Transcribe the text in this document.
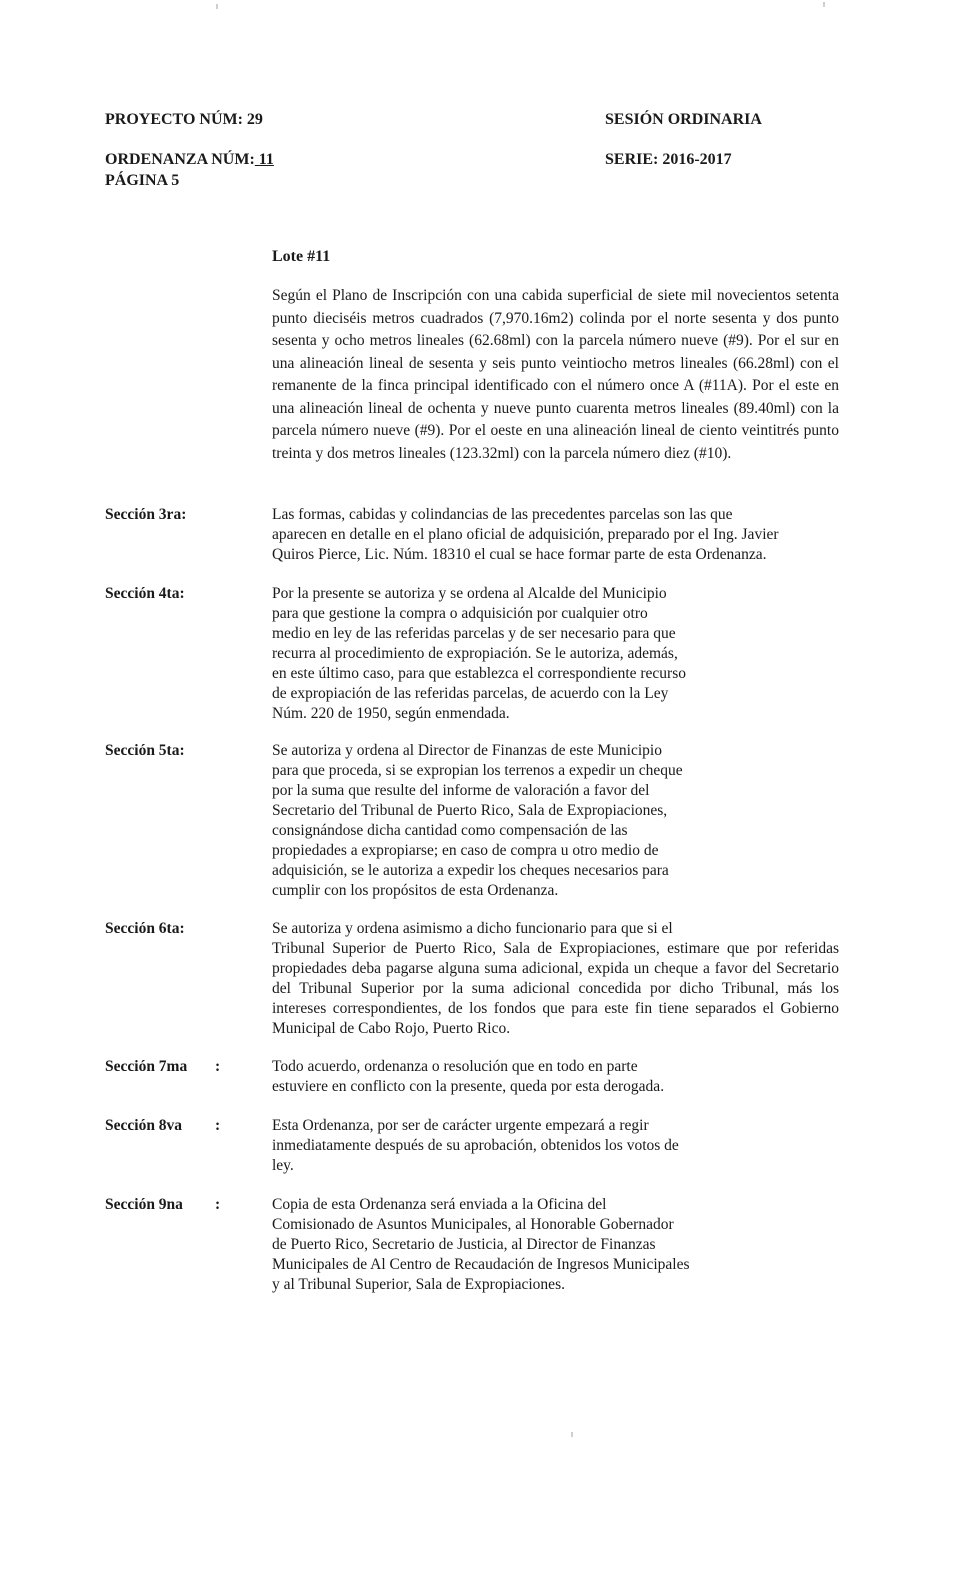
PROYECTO NÚM: 29	SESIÓN ORDINARIA
ORDENANZA NÚM: 11	SERIE: 2016-2017
PÁGINA 5
Lote #11
Según el Plano de Inscripción con una cabida superficial de siete mil novecientos setenta punto dieciséis metros cuadrados (7,970.16m2) colinda por el norte sesenta y dos punto sesenta y ocho metros lineales (62.68ml) con la parcela número nueve (#9). Por el sur en una alineación lineal de sesenta y seis punto veintiocho metros lineales (66.28ml) con el remanente de la finca principal identificado con el número once A (#11A). Por el este en una alineación lineal de ochenta y nueve punto cuarenta metros lineales (89.40ml) con la parcela número nueve (#9). Por el oeste en una alineación lineal de ciento veintitrés punto treinta y dos metros lineales (123.32ml) con la parcela número diez (#10).
Sección 3ra:	Las formas, cabidas y colindancias de las precedentes parcelas son las que
aparecen en detalle en el plano oficial de adquisición, preparado por el Ing. Javier
Quiros Pierce, Lic. Núm. 18310 el cual se hace formar parte de esta Ordenanza.
Sección 4ta:	Por la presente se autoriza y se ordena al Alcalde del Municipio
para que gestione la compra o adquisición por cualquier otro
medio en ley de las referidas parcelas y de ser necesario para que
recurra al procedimiento de expropiación. Se le autoriza, además,
en este último caso, para que establezca el correspondiente recurso
de expropiación de las referidas parcelas, de acuerdo con la Ley
Núm. 220 de 1950, según enmendada.
Sección 5ta:	Se autoriza y ordena al Director de Finanzas de este Municipio
para que proceda, si se expropian los terrenos a expedir un cheque
por la suma que resulte del informe de valoración a favor del
Secretario del Tribunal de Puerto Rico, Sala de Expropiaciones,
consignándose dicha cantidad como compensación de las
propiedades a expropiarse; en caso de compra u otro medio de
adquisición, se le autoriza a expedir los cheques necesarios para
cumplir con los propósitos de esta Ordenanza.
Sección 6ta:	Se autoriza y ordena asimismo a dicho funcionario para que si el

Tribunal Superior de Puerto Rico, Sala de Expropiaciones, estimare que por referidas propiedades deba pagarse alguna suma adicional, expida un cheque a favor del Secretario del Tribunal Superior por la suma adicional concedida por dicho Tribunal, más los intereses correspondientes, de los fondos que para este fin tiene separados el Gobierno Municipal de Cabo Rojo, Puerto Rico.

Sección 7ma :	Todo acuerdo, ordenanza o resolución que en todo en parte
estuviere en conflicto con la presente, queda por esta derogada.
Sección 8va :	Esta Ordenanza, por ser de carácter urgente empezará a regir
inmediatamente después de su aprobación, obtenidos los votos de
ley.
Sección 9na :	Copia de esta Ordenanza será enviada a la Oficina del
Comisionado de Asuntos Municipales, al Honorable Gobernador
de Puerto Rico, Secretario de Justicia, al Director de Finanzas
Municipales de Al Centro de Recaudación de Ingresos Municipales
y al Tribunal Superior, Sala de Expropiaciones.
